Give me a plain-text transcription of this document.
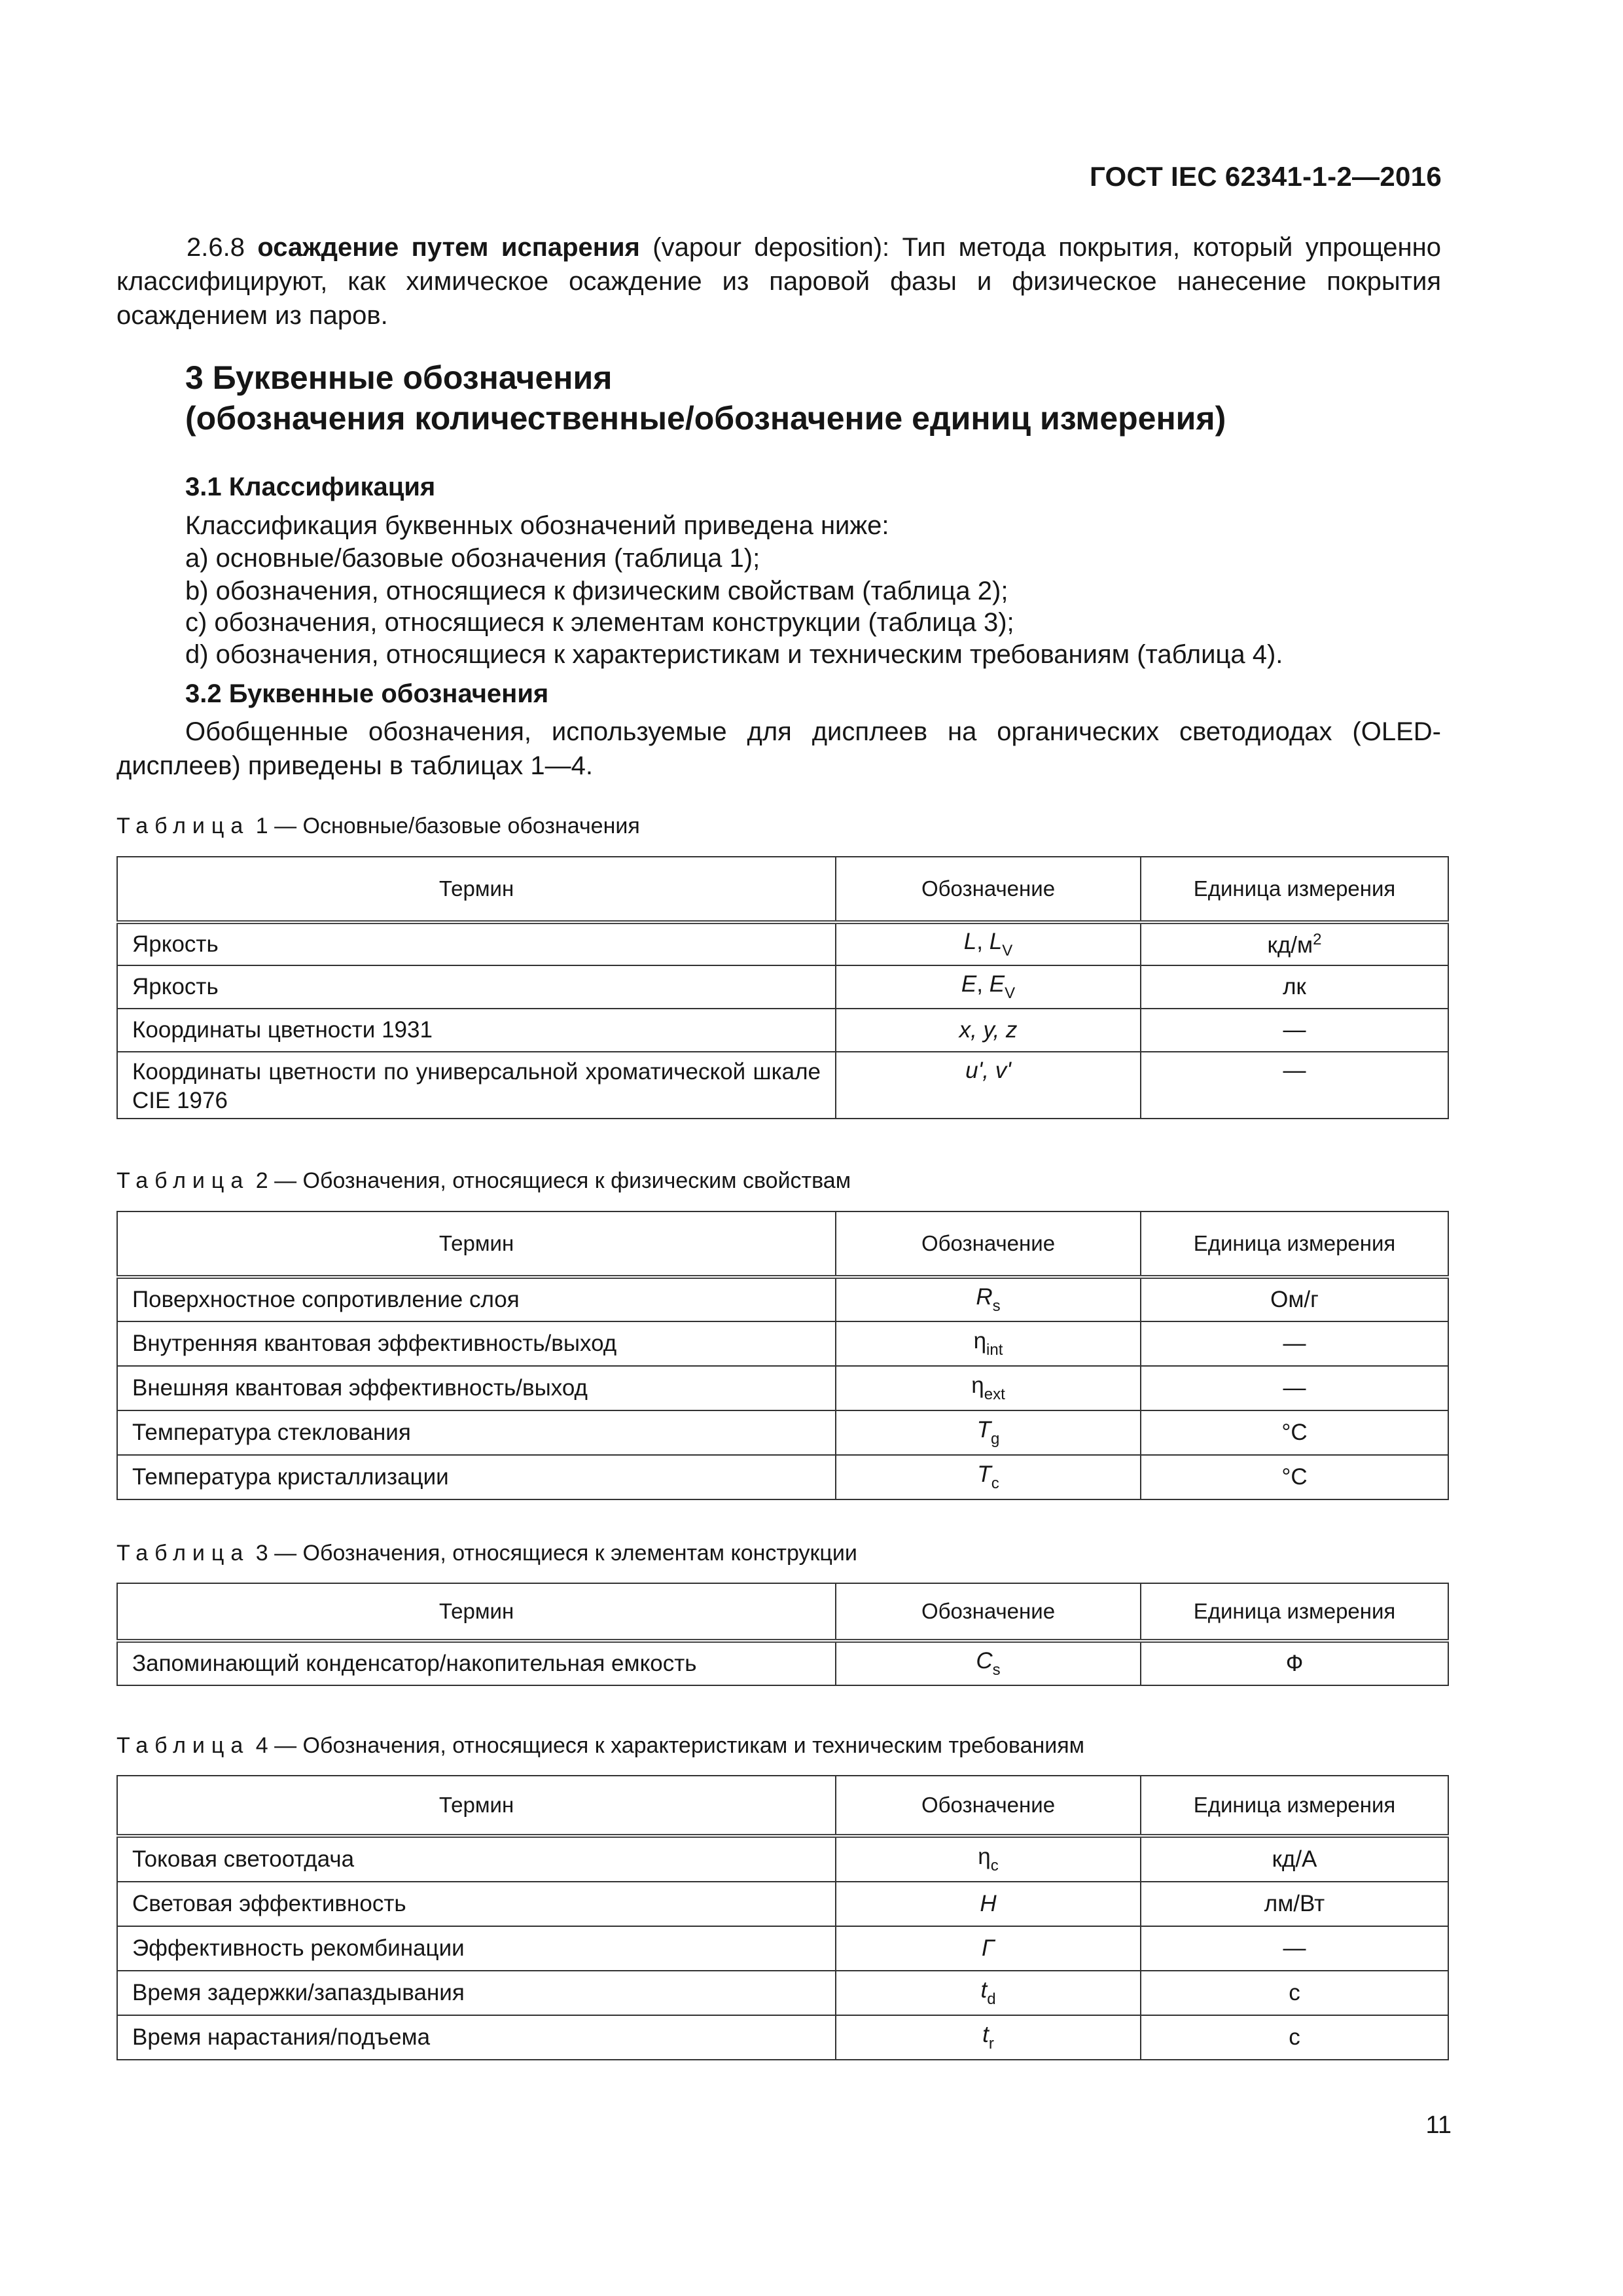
ГОСТ IEC 62341-1-2—2016
2.6.8 осаждение путем испарения (vapour deposition): Тип метода покрытия, который упрощенно классифицируют, как химическое осаждение из паровой фазы и физическое нанесение покрытия осаждением из паров.
3 Буквенные обозначения
(обозначения количественные/обозначение единиц измерения)
3.1 Классификация
Классификация буквенных обозначений приведена ниже:
a) основные/базовые обозначения (таблица 1);
b) обозначения, относящиеся к физическим свойствам (таблица 2);
c) обозначения, относящиеся к элементам конструкции (таблица 3);
d) обозначения, относящиеся к характеристикам и техническим требованиям (таблица 4).
3.2 Буквенные обозначения
Обобщенные обозначения, используемые для дисплеев на органических светодиодах (OLED-дисплеев) приведены в таблицах 1—4.
Таблица 1 — Основные/базовые обозначения
Термин	Обозначение	Единица измерения
Яркость	L, $L_V$	$кд/м^2$
Яркость	E, $E_V$	лк
Координаты цветности 1931	x, y, z	—
Координаты цветности по универсальной хроматической шкале CIE 1976	u', v'	—
Таблица 2 — Обозначения, относящиеся к физическим свойствам
Термин	Обозначение	Единица измерения
Поверхностное сопротивление слоя	$R_s$	Ом/г
Внутренняя квантовая эффективность/выход	$\eta_{int}$	—
Внешняя квантовая эффективность/выход	$\eta_{ext}$	—
Температура стеклования	$T_g$	°C
Температура кристаллизации	$T_c$	°C
Таблица 3 — Обозначения, относящиеся к элементам конструкции
Термин	Обозначение	Единица измерения
Запоминающий конденсатор/накопительная емкость	$C_s$	Ф
Таблица 4 — Обозначения, относящиеся к характеристикам и техническим требованиям
Термин	Обозначение	Единица измерения
Токовая светоотдача	$\eta_c$	кд/А
Световая эффективность	H	лм/Вт
Эффективность рекомбинации	Γ	—
Время задержки/запаздывания	$t_d$	с
Время нарастания/подъема	$t_r$	с
11
